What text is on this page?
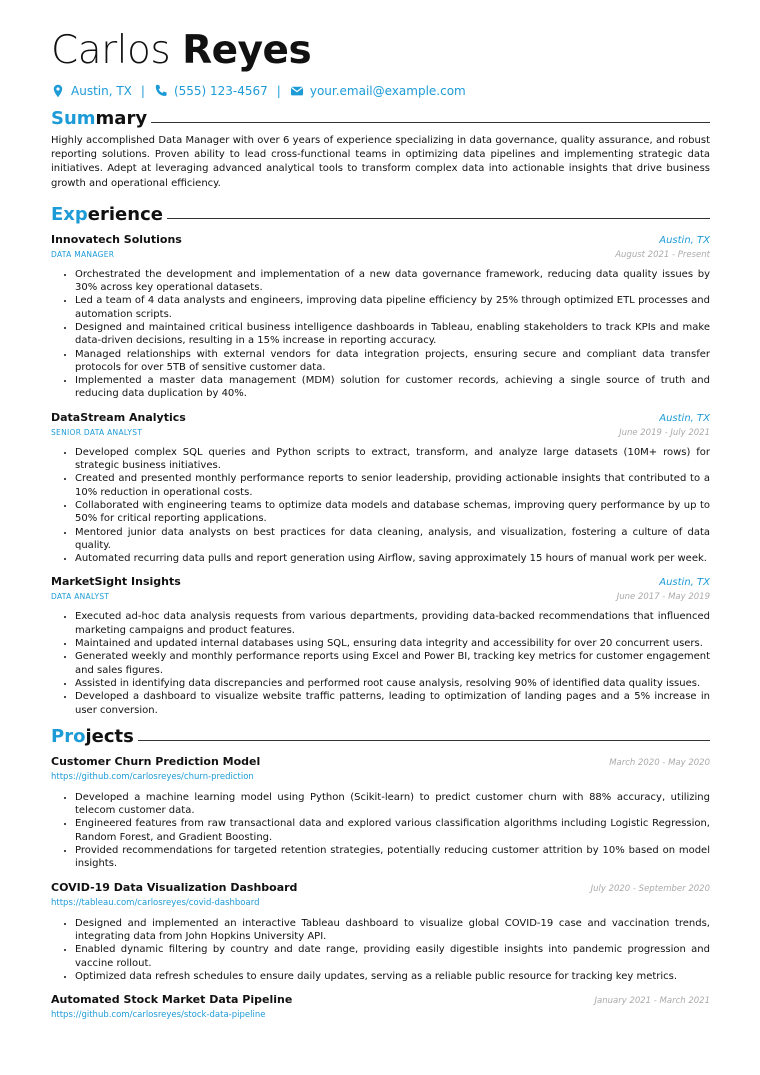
Carlos Reyes
Austin, TX | (555) 123-4567 | your.email@example.com
Summary
Highly accomplished Data Manager with over 6 years of experience specializing in data governance, quality assurance, and robust reporting solutions. Proven ability to lead cross-functional teams in optimizing data pipelines and implementing strategic data initiatives. Adept at leveraging advanced analytical tools to transform complex data into actionable insights that drive business growth and operational efficiency.
Experience
Innovatech Solutions	Austin, TX
DATA MANAGER	August 2021 - Present
• Orchestrated the development and implementation of a new data governance framework, reducing data quality issues by 30% across key operational datasets.
• Led a team of 4 data analysts and engineers, improving data pipeline efficiency by 25% through optimized ETL processes and automation scripts.
• Designed and maintained critical business intelligence dashboards in Tableau, enabling stakeholders to track KPIs and make data-driven decisions, resulting in a 15% increase in reporting accuracy.
• Managed relationships with external vendors for data integration projects, ensuring secure and compliant data transfer protocols for over 5TB of sensitive customer data.
• Implemented a master data management (MDM) solution for customer records, achieving a single source of truth and reducing data duplication by 40%.
DataStream Analytics	Austin, TX
SENIOR DATA ANALYST	June 2019 - July 2021
• Developed complex SQL queries and Python scripts to extract, transform, and analyze large datasets (10M+ rows) for strategic business initiatives.
• Created and presented monthly performance reports to senior leadership, providing actionable insights that contributed to a 10% reduction in operational costs.
• Collaborated with engineering teams to optimize data models and database schemas, improving query performance by up to 50% for critical reporting applications.
• Mentored junior data analysts on best practices for data cleaning, analysis, and visualization, fostering a culture of data quality.
• Automated recurring data pulls and report generation using Airflow, saving approximately 15 hours of manual work per week.
MarketSight Insights	Austin, TX
DATA ANALYST	June 2017 - May 2019
• Executed ad-hoc data analysis requests from various departments, providing data-backed recommendations that influenced marketing campaigns and product features.
• Maintained and updated internal databases using SQL, ensuring data integrity and accessibility for over 20 concurrent users.
• Generated weekly and monthly performance reports using Excel and Power BI, tracking key metrics for customer engagement and sales figures.
• Assisted in identifying data discrepancies and performed root cause analysis, resolving 90% of identified data quality issues.
• Developed a dashboard to visualize website traffic patterns, leading to optimization of landing pages and a 5% increase in user conversion.
Projects
Customer Churn Prediction Model	March 2020 - May 2020
https://github.com/carlosreyes/churn-prediction
• Developed a machine learning model using Python (Scikit-learn) to predict customer churn with 88% accuracy, utilizing telecom customer data.
• Engineered features from raw transactional data and explored various classification algorithms including Logistic Regression, Random Forest, and Gradient Boosting.
• Provided recommendations for targeted retention strategies, potentially reducing customer attrition by 10% based on model insights.
COVID-19 Data Visualization Dashboard	July 2020 - September 2020
https://tableau.com/carlosreyes/covid-dashboard
• Designed and implemented an interactive Tableau dashboard to visualize global COVID-19 case and vaccination trends, integrating data from John Hopkins University API.
• Enabled dynamic filtering by country and date range, providing easily digestible insights into pandemic progression and vaccine rollout.
• Optimized data refresh schedules to ensure daily updates, serving as a reliable public resource for tracking key metrics.
Automated Stock Market Data Pipeline	January 2021 - March 2021
https://github.com/carlosreyes/stock-data-pipeline
